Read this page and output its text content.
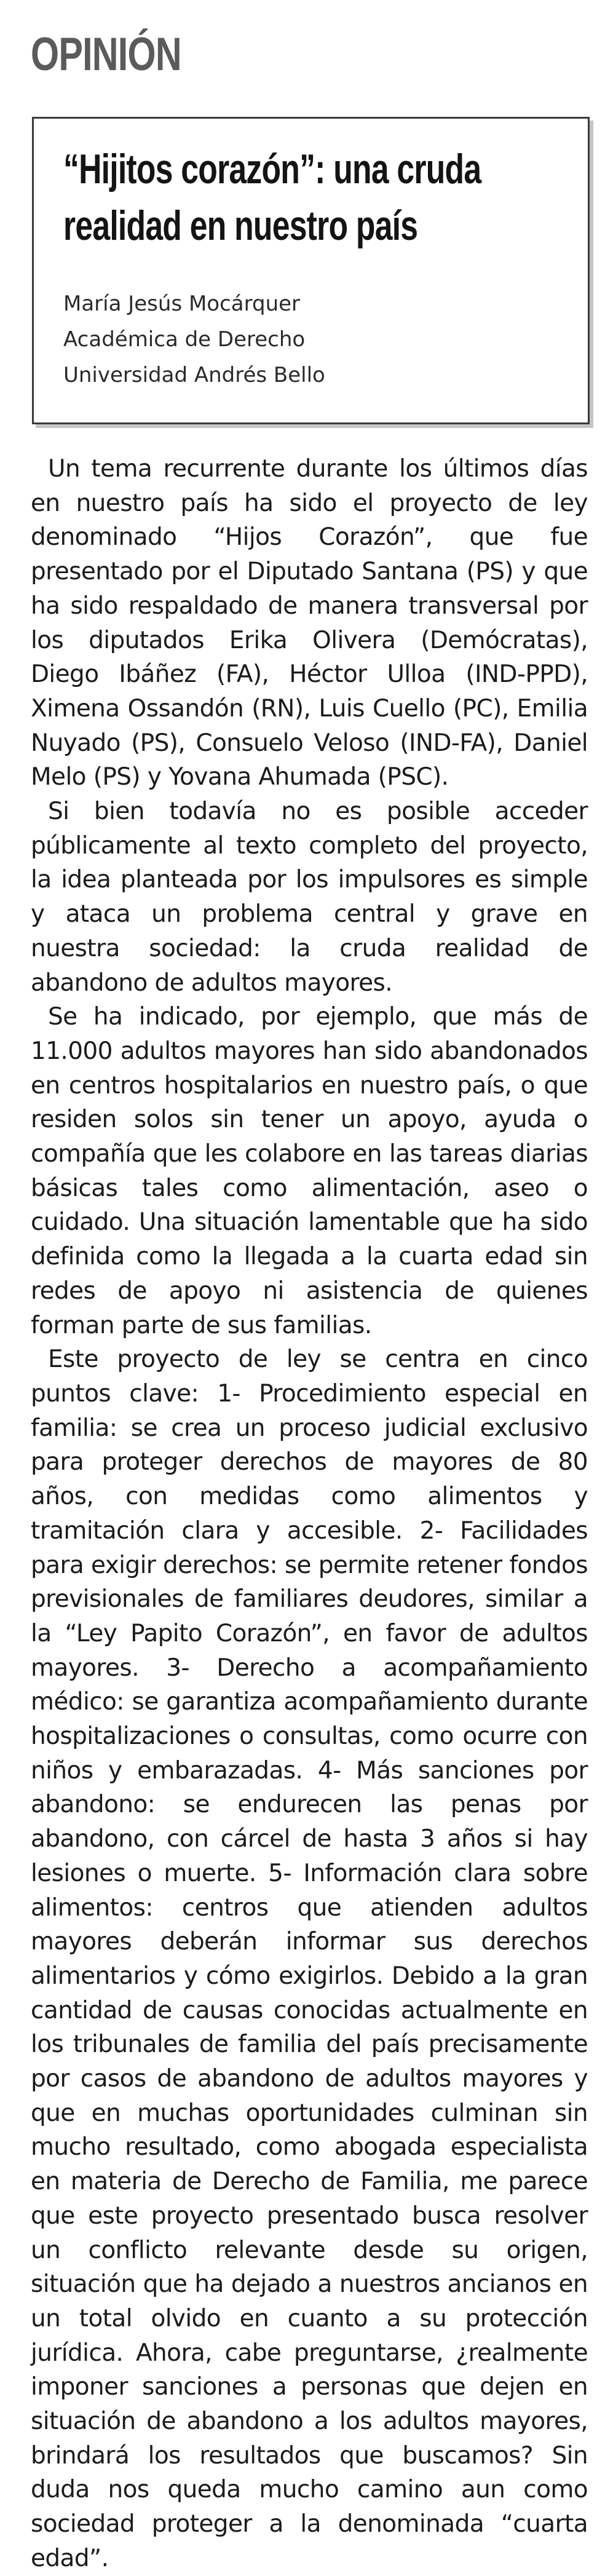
OPINIÓN
“Hijitos corazón”: una cruda realidad en nuestro país
María Jesús Mocárquer
Académica de Derecho
Universidad Andrés Bello

Un tema recurrente durante los últimos días en nuestro país ha sido el proyecto de ley denominado “Hijos Corazón”, que fue presentado por el Diputado Santana (PS) y que ha sido respaldado de manera transversal por los diputados Erika Olivera (Demócratas), Diego Ibáñez (FA), Héctor Ulloa (IND-PPD), Ximena Ossandón (RN), Luis Cuello (PC), Emilia Nuyado (PS), Consuelo Veloso (IND-FA), Daniel Melo (PS) y Yovana Ahumada (PSC).

Si bien todavía no es posible acceder públicamente al texto completo del proyecto, la idea planteada por los impulsores es simple y ataca un problema central y grave en nuestra sociedad: la cruda realidad de abandono de adultos mayores.

Se ha indicado, por ejemplo, que más de 11.000 adultos mayores han sido abandonados en centros hospitalarios en nuestro país, o que residen solos sin tener un apoyo, ayuda o compañía que les colabore en las tareas diarias básicas tales como alimentación, aseo o cuidado. Una situación lamentable que ha sido definida como la llegada a la cuarta edad sin redes de apoyo ni asistencia de quienes forman parte de sus familias.

Este proyecto de ley se centra en cinco puntos clave: 1- Procedimiento especial en familia: se crea un proceso judicial exclusivo para proteger derechos de mayores de 80 años, con medidas como alimentos y tramitación clara y accesible. 2- Facilidades para exigir derechos: se permite retener fondos previsionales de familiares deudores, similar a la “Ley Papito Corazón”, en favor de adultos mayores. 3- Derecho a acompañamiento médico: se garantiza acompañamiento durante hospitalizaciones o consultas, como ocurre con niños y embarazadas. 4- Más sanciones por abandono: se endurecen las penas por abandono, con cárcel de hasta 3 años si hay lesiones o muerte. 5- Información clara sobre alimentos: centros que atienden adultos mayores deberán informar sus derechos alimentarios y cómo exigirlos. Debido a la gran cantidad de causas conocidas actualmente en los tribunales de familia del país precisamente por casos de abandono de adultos mayores y que en muchas oportunidades culminan sin mucho resultado, como abogada especialista en materia de Derecho de Familia, me parece que este proyecto presentado busca resolver un conflicto relevante desde su origen, situación que ha dejado a nuestros ancianos en un total olvido en cuanto a su protección jurídica. Ahora, cabe preguntarse, ¿realmente imponer sanciones a personas que dejen en situación de abandono a los adultos mayores, brindará los resultados que buscamos? Sin duda nos queda mucho camino aun como sociedad proteger a la denominada “cuarta edad”.
